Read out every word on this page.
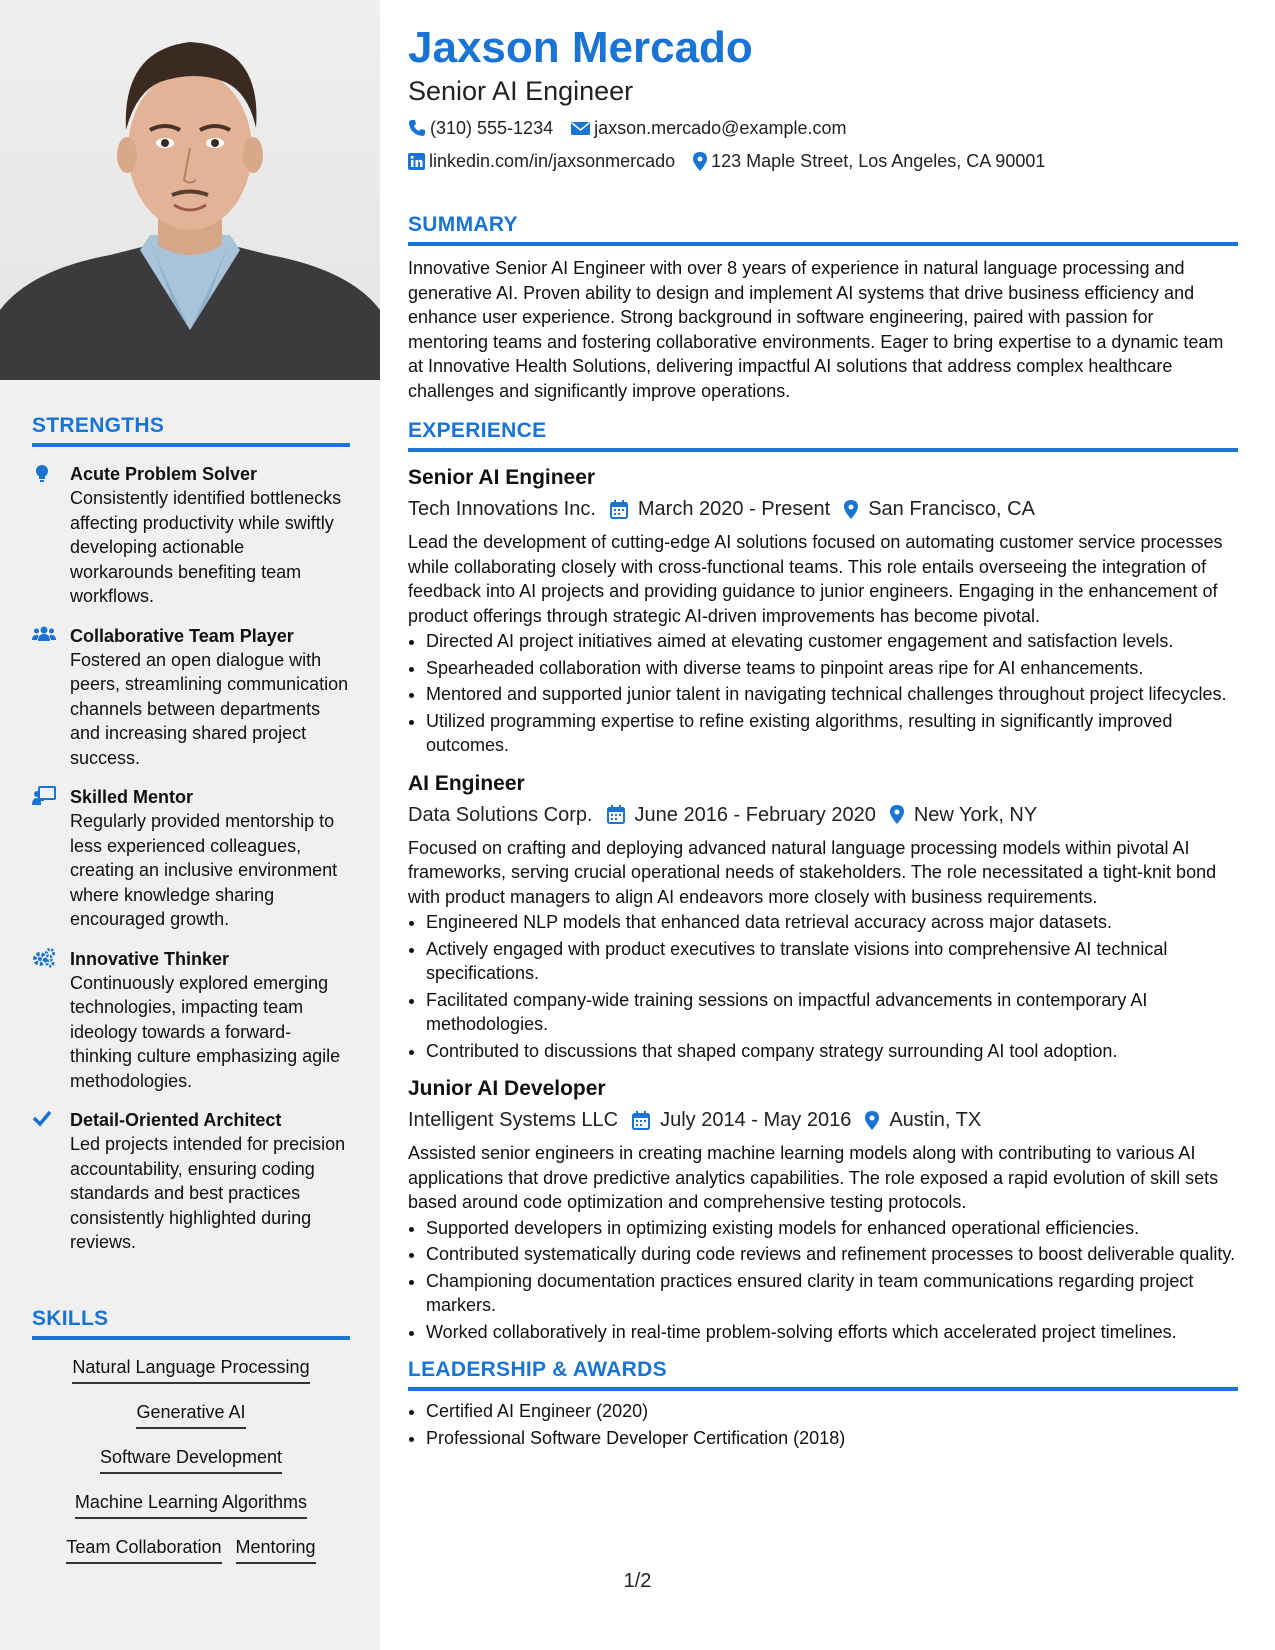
STRENGTHS
Acute Problem Solver
Consistently identified bottlenecks affecting productivity while swiftly developing actionable workarounds benefiting team workflows.
Collaborative Team Player
Fostered an open dialogue with peers, streamlining communication channels between departments and increasing shared project success.
Skilled Mentor
Regularly provided mentorship to less experienced colleagues, creating an inclusive environment where knowledge sharing encouraged growth.
Innovative Thinker
Continuously explored emerging technologies, impacting team ideology towards a forward-thinking culture emphasizing agile methodologies.
Detail-Oriented Architect
Led projects intended for precision accountability, ensuring coding standards and best practices consistently highlighted during reviews.
SKILLS
Natural Language Processing
Generative AI
Software Development
Machine Learning Algorithms
Team Collaboration Mentoring
Jaxson Mercado
Senior AI Engineer
(310) 555-1234 jaxson.mercado@example.com
linkedin.com/in/jaxsonmercado 123 Maple Street, Los Angeles, CA 90001
SUMMARY

Innovative Senior AI Engineer with over 8 years of experience in natural language processing and generative AI. Proven ability to design and implement AI systems that drive business efficiency and enhance user experience. Strong background in software engineering, paired with passion for mentoring teams and fostering collaborative environments. Eager to bring expertise to a dynamic team at Innovative Health Solutions, delivering impactful AI solutions that address complex healthcare challenges and significantly improve operations.

EXPERIENCE
Senior AI Engineer
Tech Innovations Inc. March 2020 - Present San Francisco, CA
Lead the development of cutting-edge AI solutions focused on automating customer service processes while collaborating closely with cross-functional teams. This role entails overseeing the integration of feedback into AI projects and providing guidance to junior engineers. Engaging in the enhancement of product offerings through strategic AI-driven improvements has become pivotal.
• Directed AI project initiatives aimed at elevating customer engagement and satisfaction levels.
• Spearheaded collaboration with diverse teams to pinpoint areas ripe for AI enhancements.
• Mentored and supported junior talent in navigating technical challenges throughout project lifecycles.
• Utilized programming expertise to refine existing algorithms, resulting in significantly improved outcomes.
AI Engineer
Data Solutions Corp. June 2016 - February 2020 New York, NY
Focused on crafting and deploying advanced natural language processing models within pivotal AI frameworks, serving crucial operational needs of stakeholders. The role necessitated a tight-knit bond with product managers to align AI endeavors more closely with business requirements.
• Engineered NLP models that enhanced data retrieval accuracy across major datasets.
• Actively engaged with product executives to translate visions into comprehensive AI technical specifications.
• Facilitated company-wide training sessions on impactful advancements in contemporary AI methodologies.
• Contributed to discussions that shaped company strategy surrounding AI tool adoption.
Junior AI Developer
Intelligent Systems LLC July 2014 - May 2016 Austin, TX
Assisted senior engineers in creating machine learning models along with contributing to various AI applications that drove predictive analytics capabilities. The role exposed a rapid evolution of skill sets based around code optimization and comprehensive testing protocols.
• Supported developers in optimizing existing models for enhanced operational efficiencies.
• Contributed systematically during code reviews and refinement processes to boost deliverable quality.
• Championing documentation practices ensured clarity in team communications regarding project markers.
• Worked collaboratively in real-time problem-solving efforts which accelerated project timelines.
LEADERSHIP & AWARDS
• Certified AI Engineer (2020)
• Professional Software Developer Certification (2018)
1/2
